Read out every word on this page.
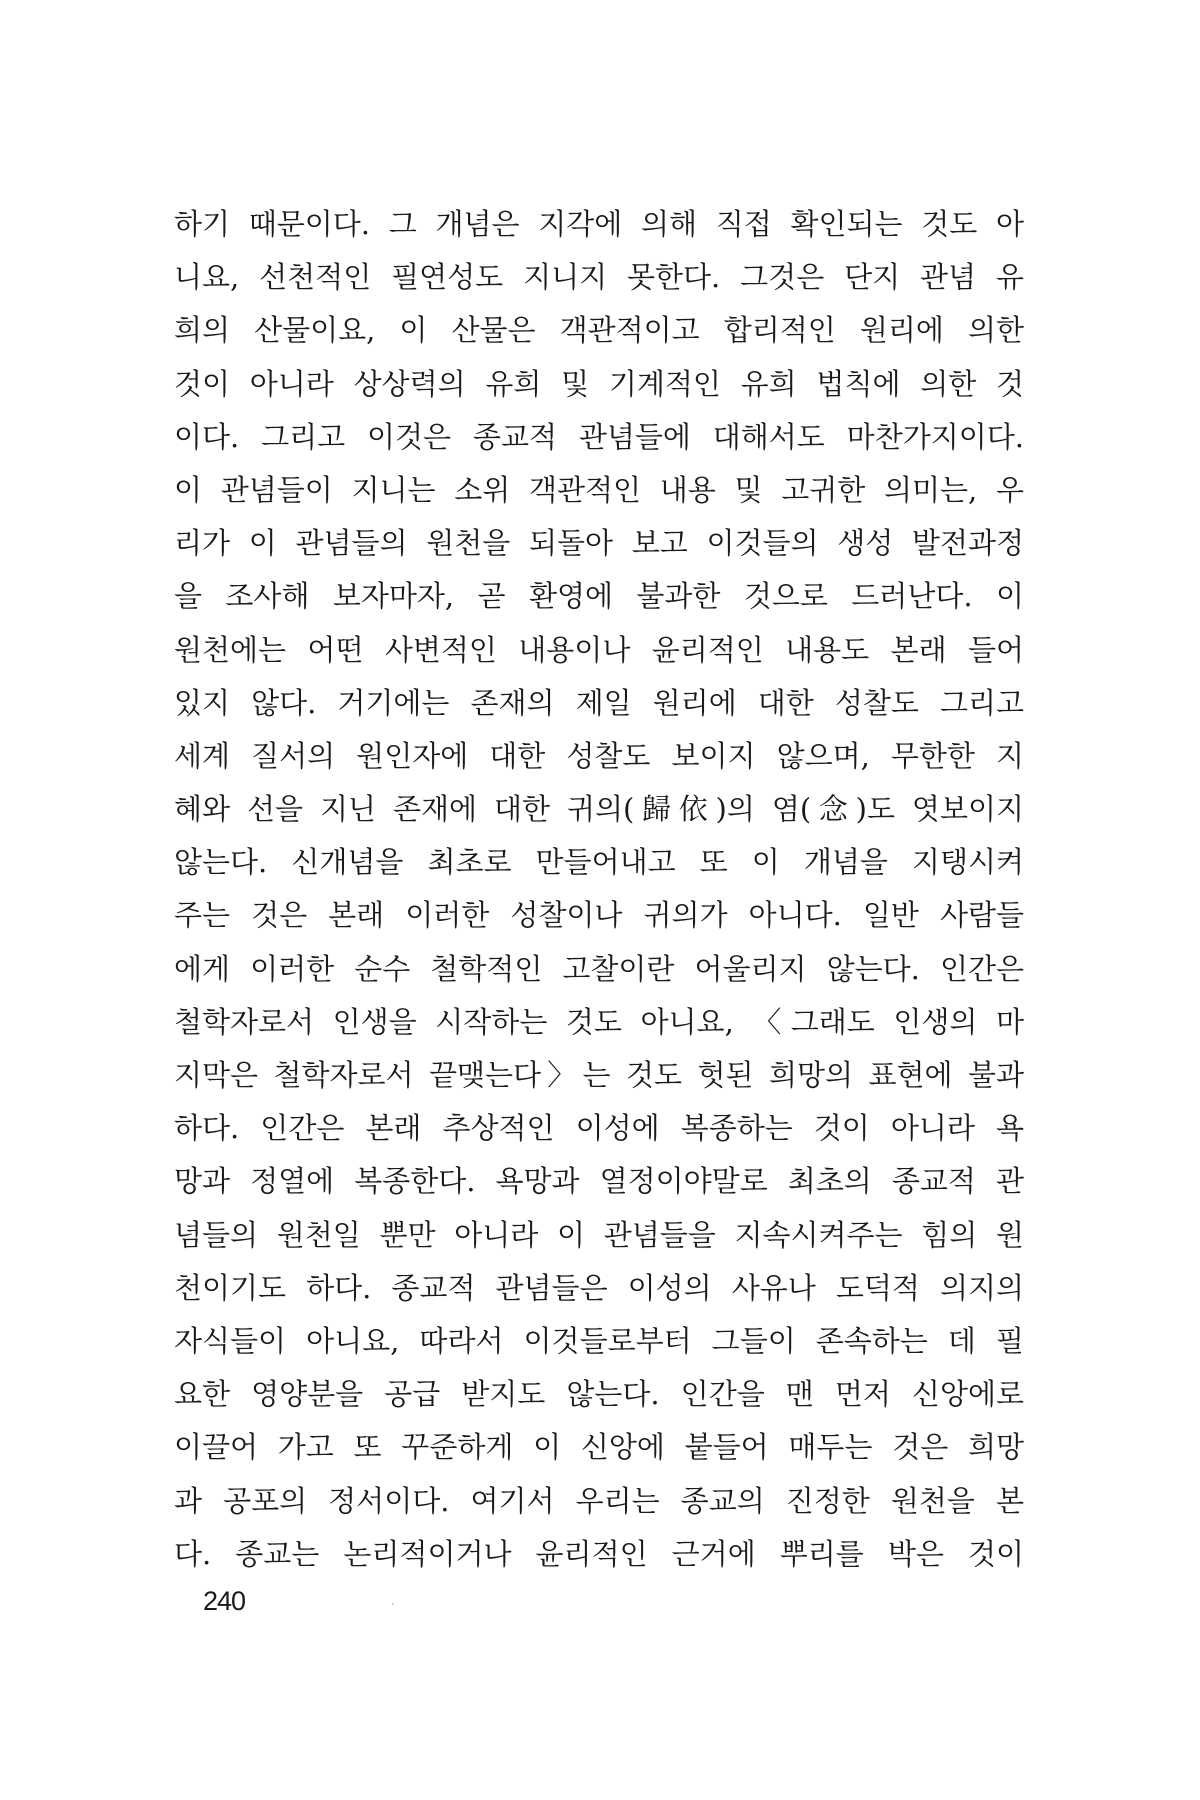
하기 때문이다. 그 개념은 지각에 의해 직접 확인되는 것도 아
니요, 선천적인 필연성도 지니지 못한다. 그것은 단지 관념 유
희의 산물이요, 이 산물은 객관적이고 합리적인 원리에 의한
것이 아니라 상상력의 유희 및 기계적인 유희 법칙에 의한 것
이다. 그리고 이것은 종교적 관념들에 대해서도 마찬가지이다.
이 관념들이 지니는 소위 객관적인 내용 및 고귀한 의미는, 우
리가 이 관념들의 원천을 되돌아 보고 이것들의 생성 발전과정
을 조사해 보자마자, 곧 환영에 불과한 것으로 드러난다. 이
원천에는 어떤 사변적인 내용이나 윤리적인 내용도 본래 들어
있지 않다. 거기에는 존재의 제일 원리에 대한 성찰도 그리고
세계 질서의 원인자에 대한 성찰도 보이지 않으며, 무한한 지
혜와 선을 지닌 존재에 대한 귀의(歸依)의 염(念)도 엿보이지
않는다. 신개념을 최초로 만들어내고 또 이 개념을 지탱시켜
주는 것은 본래 이러한 성찰이나 귀의가 아니다. 일반 사람들
에게 이러한 순수 철학적인 고찰이란 어울리지 않는다. 인간은
철학자로서 인생을 시작하는 것도 아니요, 〈그래도 인생의 마
지막은 철학자로서 끝맺는다〉는 것도 헛된 희망의 표현에 불과
하다. 인간은 본래 추상적인 이성에 복종하는 것이 아니라 욕
망과 정열에 복종한다. 욕망과 열정이야말로 최초의 종교적 관
념들의 원천일 뿐만 아니라 이 관념들을 지속시켜주는 힘의 원
천이기도 하다. 종교적 관념들은 이성의 사유나 도덕적 의지의
자식들이 아니요, 따라서 이것들로부터 그들이 존속하는 데 필
요한 영양분을 공급 받지도 않는다. 인간을 맨 먼저 신앙에로
이끌어 가고 또 꾸준하게 이 신앙에 붙들어 매두는 것은 희망
과 공포의 정서이다. 여기서 우리는 종교의 진정한 원천을 본
다. 종교는 논리적이거나 윤리적인 근거에 뿌리를 박은 것이
240
